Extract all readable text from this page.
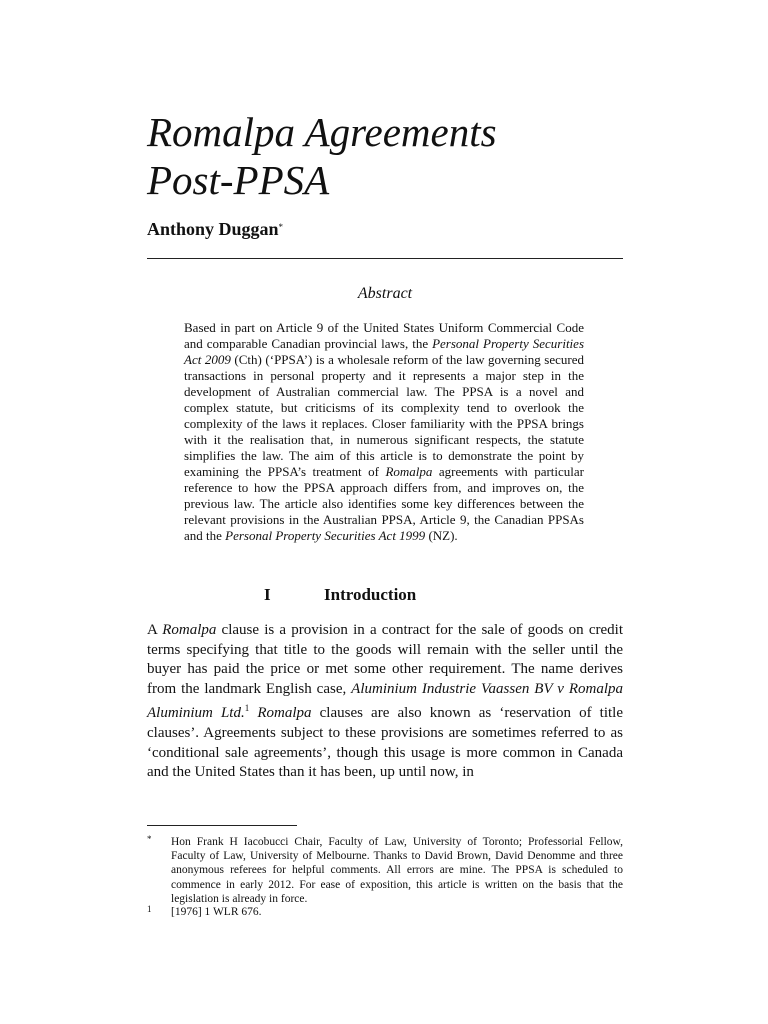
Romalpa Agreements
Post-PPSA
Anthony Duggan*
Abstract

Based in part on Article 9 of the United States Uniform Commercial Code and comparable Canadian provincial laws, the Personal Property Securities Act 2009 (Cth) (‘PPSA’) is a wholesale reform of the law governing secured transactions in personal property and it represents a major step in the development of Australian commercial law. The PPSA is a novel and complex statute, but criticisms of its complexity tend to overlook the complexity of the laws it replaces. Closer familiarity with the PPSA brings with it the realisation that, in numerous significant respects, the statute simplifies the law. The aim of this article is to demonstrate the point by examining the PPSA’s treatment of Romalpa agreements with particular reference to how the PPSA approach differs from, and improves on, the previous law. The article also identifies some key differences between the relevant provisions in the Australian PPSA, Article 9, the Canadian PPSAs and the Personal Property Securities Act 1999 (NZ).

I	Introduction

A Romalpa clause is a provision in a contract for the sale of goods on credit terms specifying that title to the goods will remain with the seller until the buyer has paid the price or met some other requirement. The name derives from the landmark English case, Aluminium Industrie Vaassen BV v Romalpa Aluminium Ltd.$^1$ Romalpa clauses are also known as ‘reservation of title clauses’. Agreements subject to these provisions are sometimes referred to as ‘conditional sale agreements’, though this usage is more common in Canada and the United States than it has been, up until now, in

* Hon Frank H Iacobucci Chair, Faculty of Law, University of Toronto; Professorial Fellow, Faculty of Law, University of Melbourne. Thanks to David Brown, David Denomme and three anonymous referees for helpful comments. All errors are mine. The PPSA is scheduled to commence in early 2012. For ease of exposition, this article is written on the basis that the legislation is already in force.
1 [1976] 1 WLR 676.
